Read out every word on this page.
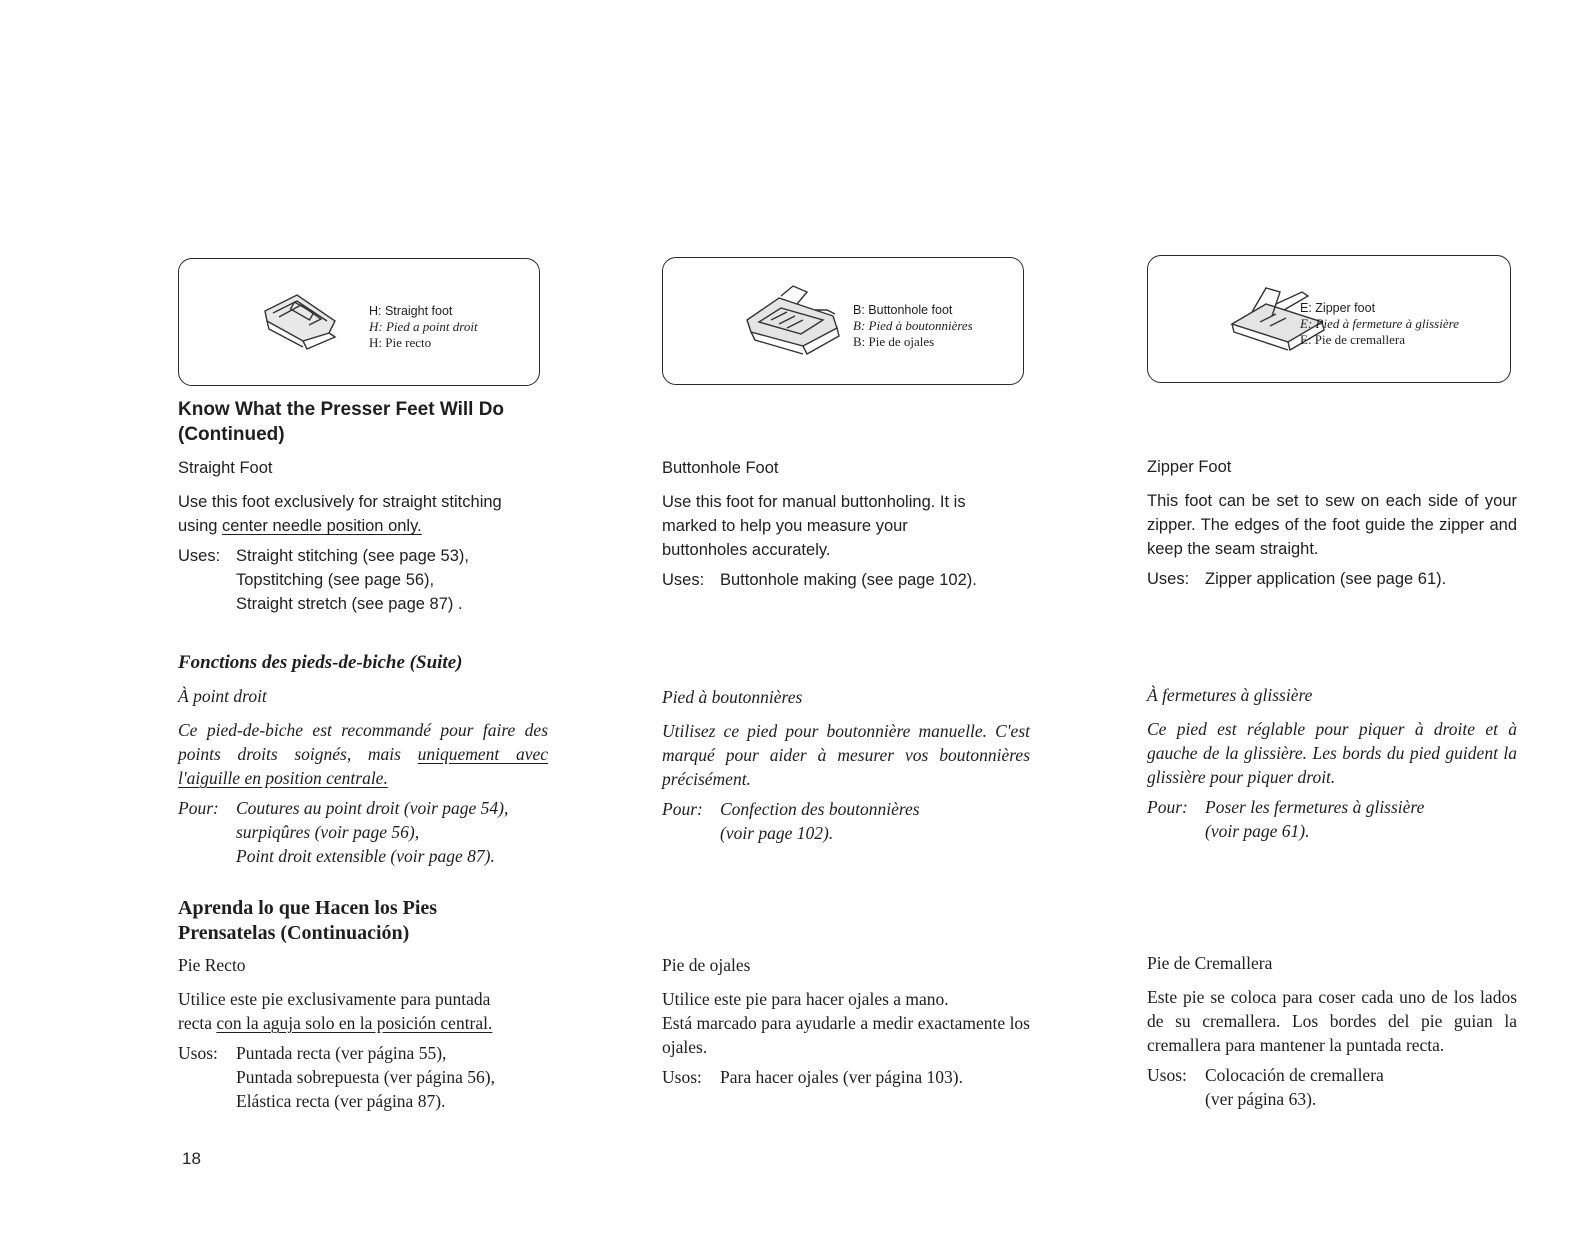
H: Straight foot
H: Pied a point droit
H: Pie recto
B: Buttonhole foot
B: Pied à boutonnières
B: Pie de ojales
E: Zipper foot
E: Pied à fermeture à glissière
E: Pie de cremallera
Know What the Presser Feet Will Do
(Continued)

Straight Foot

Use this foot exclusively for straight stitching
using center needle position only.

Uses: Straight stitching (see page 53),
Topstitching (see page 56),
Straight stretch (see page 87) .

Buttonhole Foot

Use this foot for manual buttonholing. It is marked to help you measure your buttonholes accurately.

Uses: Buttonhole making (see page 102).

Zipper Foot

This foot can be set to sew on each side of your zipper. The edges of the foot guide the zipper and keep the seam straight.

Uses: Zipper application (see page 61).
Fonctions des pieds-de-biche (Suite)

À point droit

Ce pied-de-biche est recommandé pour faire des points droits soignés, mais uniquement avec l'aiguille en position centrale.

Pour: Coutures au point droit (voir page 54),
surpiqûres (voir page 56),
Point droit extensible (voir page 87).

Pied à boutonnières

Utilisez ce pied pour boutonnière manuelle. C'est marqué pour aider à mesurer vos boutonnières précisément.

Pour: Confection des boutonnières
(voir page 102).

À fermetures à glissière

Ce pied est réglable pour piquer à droite et à gauche de la glissière. Les bords du pied guident la glissière pour piquer droit.

Pour: Poser les fermetures à glissière
(voir page 61).
Aprenda lo que Hacen los Pies
Prensatelas (Continuación)

Pie Recto

Utilice este pie exclusivamente para puntada
recta con la aguja solo en la posición central.

Usos:	Puntada recta (ver página 55),
Puntada sobrepuesta (ver página 56),
Elástica recta (ver página 87).

Pie de ojales

Utilice este pie para hacer ojales a mano.

Está marcado para ayudarle a medir exactamente los ojales.

Usos:	Para hacer ojales (ver página 103).

Pie de Cremallera

Este pie se coloca para coser cada uno de los lados de su cremallera. Los bordes del pie guian la cremallera para mantener la puntada recta.

Usos:	Colocación de cremallera
(ver página 63).
18
